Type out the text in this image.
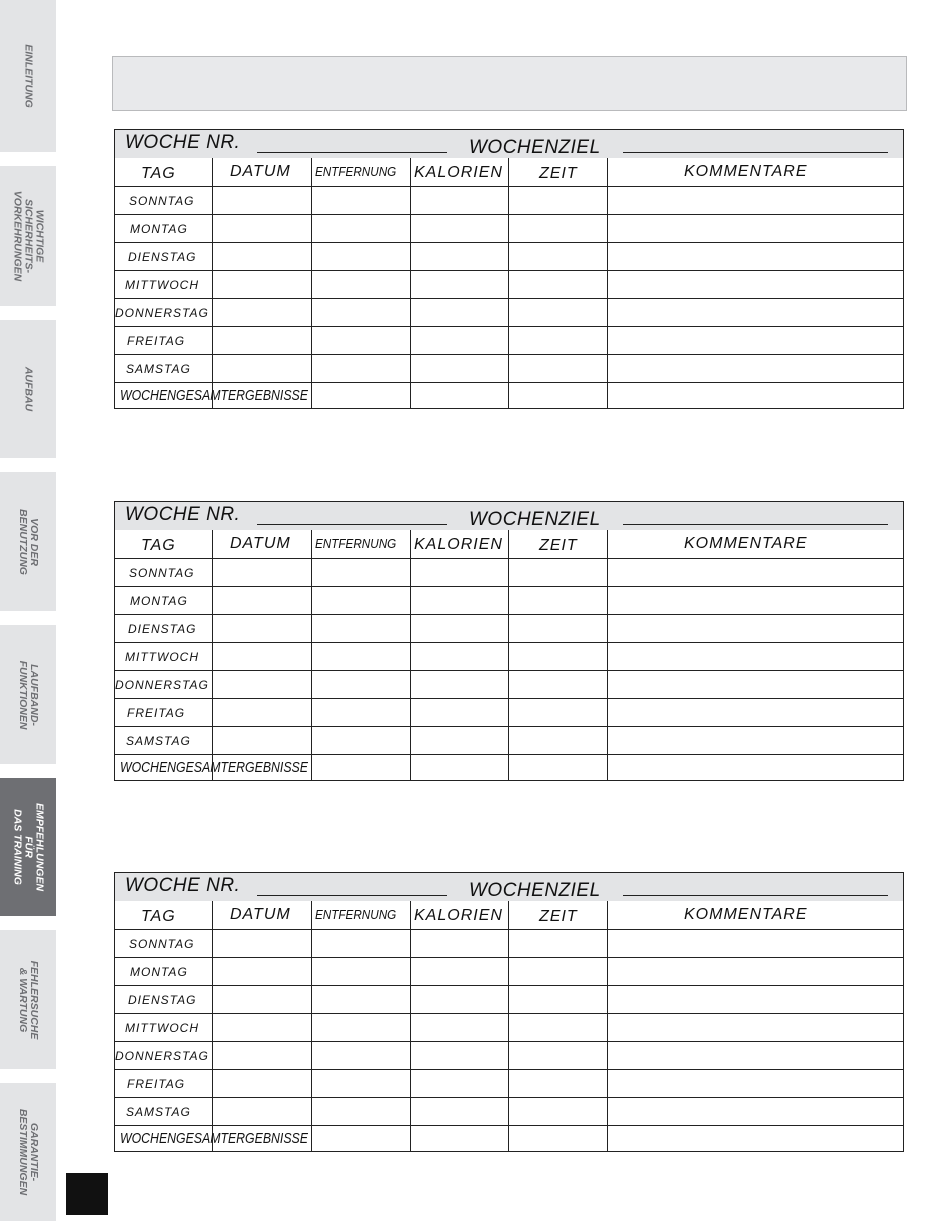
EINLEITUNG
WICHTIGE
SICHERHEITS-
VORKEHRUNGEN
AUFBAU
VOR DER
BENUTZUNG
LAUFBAND-
FUNKTIONEN
EMPFEHLUNGEN
FÜR
DAS TRAINING
FEHLERSUCHE
& WARTUNG
GARANTIE-
BESTIMMUNGEN
WOCHE NR.	WOCHENZIEL
TAG	DATUM ENTFERNUNG KALORIEN ZEIT	KOMMENTARE
SONNTAG
MONTAG
DIENSTAG
MITTWOCH
DONNERSTAG
FREITAG
SAMSTAG
WOCHENGESAMTERGEBNISSE
WOCHE NR.	WOCHENZIEL
TAG	DATUM ENTFERNUNG KALORIEN ZEIT	KOMMENTARE
SONNTAG
MONTAG
DIENSTAG
MITTWOCH
DONNERSTAG
FREITAG
SAMSTAG
WOCHENGESAMTERGEBNISSE
WOCHE NR.	WOCHENZIEL
TAG	DATUM ENTFERNUNG KALORIEN ZEIT	KOMMENTARE
SONNTAG
MONTAG
DIENSTAG
MITTWOCH
DONNERSTAG
FREITAG
SAMSTAG
WOCHENGESAMTERGEBNISSE
